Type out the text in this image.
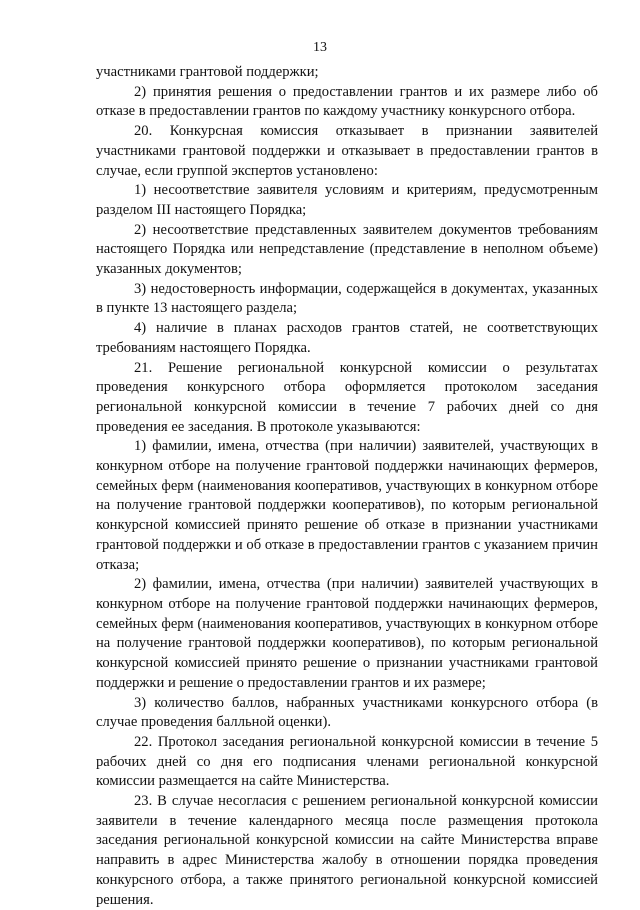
13

участниками грантовой поддержки;

2) принятия решения о предоставлении грантов и их размере либо об отказе в предоставлении грантов по каждому участнику конкурсного отбора.

20. Конкурсная комиссия отказывает в признании заявителей участниками грантовой поддержки и отказывает в предоставлении грантов в случае, если группой экспертов установлено:

1) несоответствие заявителя условиям и критериям, предусмотренным разделом III настоящего Порядка;

2) несоответствие представленных заявителем документов требованиям настоящего Порядка или непредставление (представление в неполном объеме) указанных документов;

3) недостоверность информации, содержащейся в документах, указанных в пункте 13 настоящего раздела;

4) наличие в планах расходов грантов статей, не соответствующих требованиям настоящего Порядка.

21. Решение региональной конкурсной комиссии о результатах проведения конкурсного отбора оформляется протоколом заседания региональной конкурсной комиссии в течение 7 рабочих дней со дня проведения ее заседания. В протоколе указываются:

1) фамилии, имена, отчества (при наличии) заявителей, участвующих в конкурном отборе на получение грантовой поддержки начинающих фермеров, семейных ферм (наименования кооперативов, участвующих в конкурном отборе на получение грантовой поддержки кооперативов), по которым региональной конкурсной комиссией принято решение об отказе в признании участниками грантовой поддержки и об отказе в предоставлении грантов с указанием причин отказа;

2) фамилии, имена, отчества (при наличии) заявителей участвующих в конкурном отборе на получение грантовой поддержки начинающих фермеров, семейных ферм (наименования кооперативов, участвующих в конкурном отборе на получение грантовой поддержки кооперативов), по которым региональной конкурсной комиссией принято решение о признании участниками грантовой поддержки и решение о предоставлении грантов и их размере;

3) количество баллов, набранных участниками конкурсного отбора (в случае проведения балльной оценки).

22. Протокол заседания региональной конкурсной комиссии в течение 5 рабочих дней со дня его подписания членами региональной конкурсной комиссии размещается на сайте Министерства.

23. В случае несогласия с решением региональной конкурсной комиссии заявители в течение календарного месяца после размещения протокола заседания региональной конкурсной комиссии на сайте Министерства вправе направить в адрес Министерства жалобу в отношении порядка проведения конкурсного отбора, а также принятого региональной конкурсной комиссией решения.
